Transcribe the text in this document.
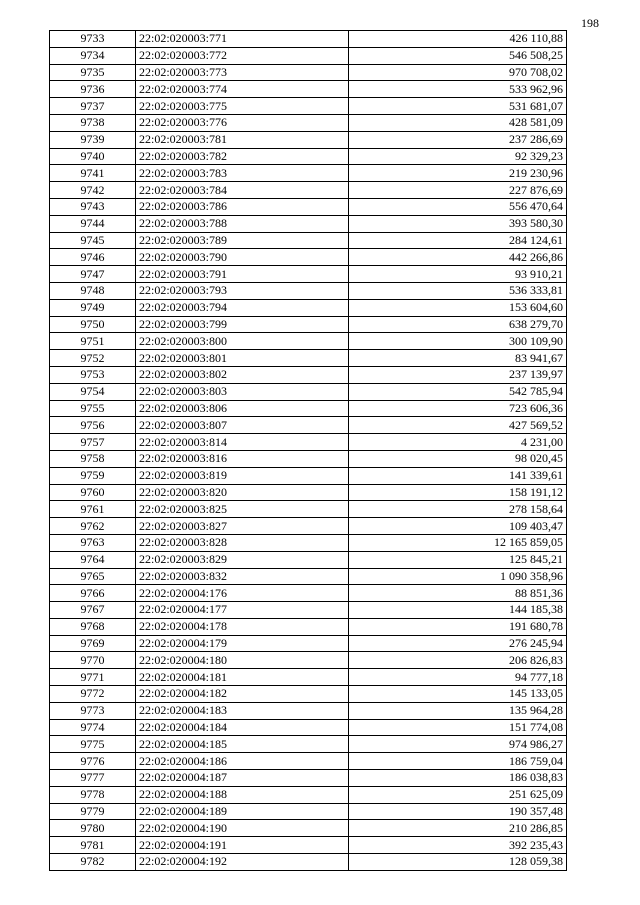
198
9733	22:02:020003:771	426 110,88
9734	22:02:020003:772	546 508,25
9735	22:02:020003:773	970 708,02
9736	22:02:020003:774	533 962,96
9737	22:02:020003:775	531 681,07
9738	22:02:020003:776	428 581,09
9739	22:02:020003:781	237 286,69
9740	22:02:020003:782	92 329,23
9741	22:02:020003:783	219 230,96
9742	22:02:020003:784	227 876,69
9743	22:02:020003:786	556 470,64
9744	22:02:020003:788	393 580,30
9745	22:02:020003:789	284 124,61
9746	22:02:020003:790	442 266,86
9747	22:02:020003:791	93 910,21
9748	22:02:020003:793	536 333,81
9749	22:02:020003:794	153 604,60
9750	22:02:020003:799	638 279,70
9751	22:02:020003:800	300 109,90
9752	22:02:020003:801	83 941,67
9753	22:02:020003:802	237 139,97
9754	22:02:020003:803	542 785,94
9755	22:02:020003:806	723 606,36
9756	22:02:020003:807	427 569,52
9757	22:02:020003:814	4 231,00
9758	22:02:020003:816	98 020,45
9759	22:02:020003:819	141 339,61
9760	22:02:020003:820	158 191,12
9761	22:02:020003:825	278 158,64
9762	22:02:020003:827	109 403,47
9763	22:02:020003:828	12 165 859,05
9764	22:02:020003:829	125 845,21
9765	22:02:020003:832	1 090 358,96
9766	22:02:020004:176	88 851,36
9767	22:02:020004:177	144 185,38
9768	22:02:020004:178	191 680,78
9769	22:02:020004:179	276 245,94
9770	22:02:020004:180	206 826,83
9771	22:02:020004:181	94 777,18
9772	22:02:020004:182	145 133,05
9773	22:02:020004:183	135 964,28
9774	22:02:020004:184	151 774,08
9775	22:02:020004:185	974 986,27
9776	22:02:020004:186	186 759,04
9777	22:02:020004:187	186 038,83
9778	22:02:020004:188	251 625,09
9779	22:02:020004:189	190 357,48
9780	22:02:020004:190	210 286,85
9781	22:02:020004:191	392 235,43
9782	22:02:020004:192	128 059,38
